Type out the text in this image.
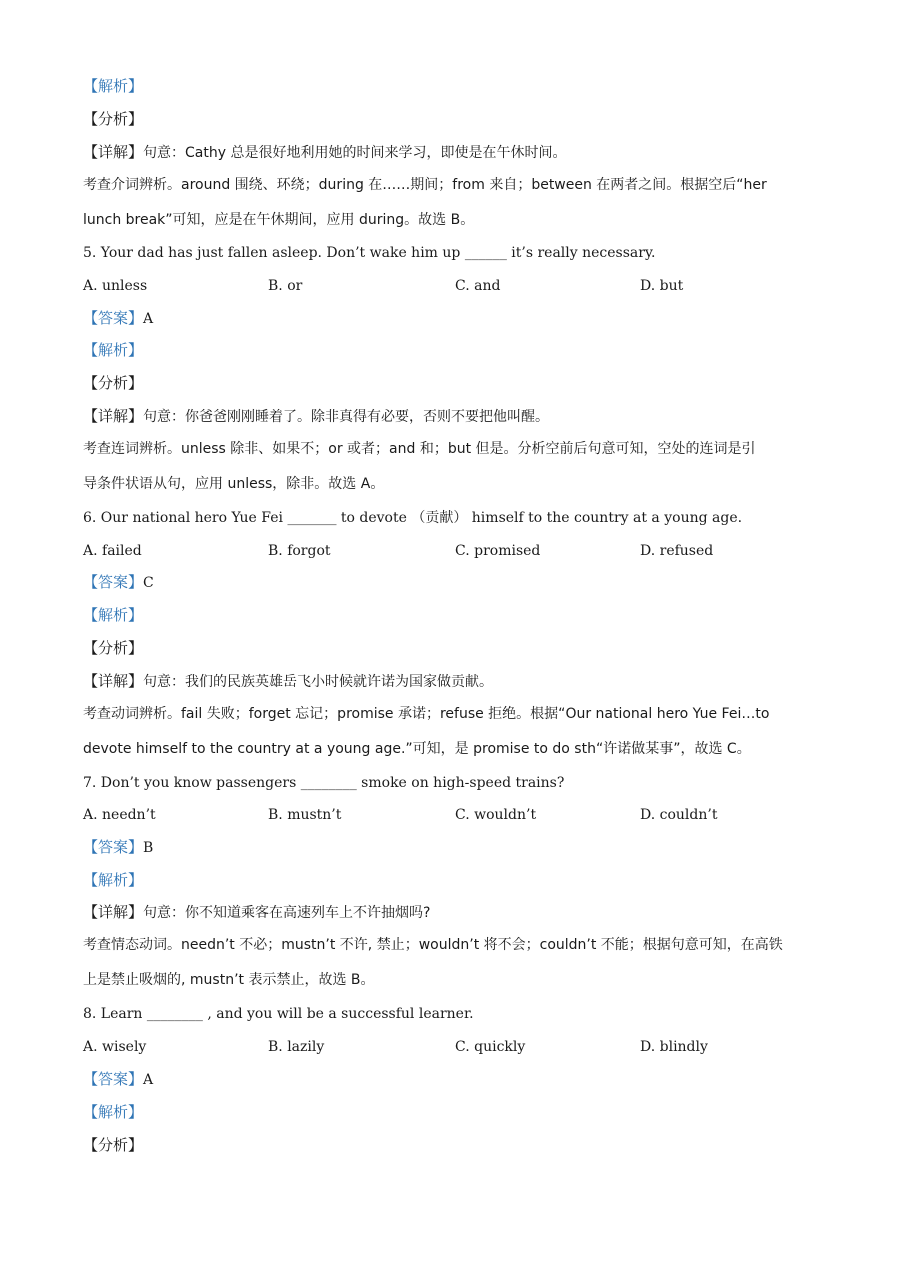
【解析】
【分析】
【详解】句意：Cathy 总是很好地利用她的时间来学习，即使是在午休时间。
考查介词辨析。around 围绕、环绕；during 在……期间；from 来自；between 在两者之间。根据空后“her
lunch break”可知，应是在午休期间，应用 during。故选 B。
5. Your dad has just fallen asleep. Don’t wake him up ______ it’s really necessary.
A. unless	B. or	C. and	D. but
【答案】A
【解析】
【分析】
【详解】句意：你爸爸刚刚睡着了。除非真得有必要，否则不要把他叫醒。
考查连词辨析。unless 除非、如果不；or 或者；and 和；but 但是。分析空前后句意可知，空处的连词是引
导条件状语从句，应用 unless，除非。故选 A。
6. Our national hero Yue Fei _______ to devote （贡献） himself to the country at a young age.
A. failed	B. forgot	C. promised	D. refused
【答案】C
【解析】
【分析】
【详解】句意：我们的民族英雄岳飞小时候就许诺为国家做贡献。
考查动词辨析。fail 失败；forget 忘记；promise 承诺；refuse 拒绝。根据“Our national hero Yue Fei…to
devote himself to the country at a young age.”可知，是 promise to do sth“许诺做某事”，故选 C。
7. Don’t you know passengers ________ smoke on high-speed trains?
A. needn’t	B. mustn’t	C. wouldn’t	D. couldn’t
【答案】B
【解析】
【详解】句意：你不知道乘客在高速列车上不许抽烟吗?
考查情态动词。needn’t 不必；mustn’t 不许, 禁止；wouldn’t 将不会；couldn’t 不能；根据句意可知，在高铁
上是禁止吸烟的, mustn’t 表示禁止，故选 B。
8. Learn ________ , and you will be a successful learner.
A. wisely	B. lazily	C. quickly	D. blindly
【答案】A
【解析】
【分析】
